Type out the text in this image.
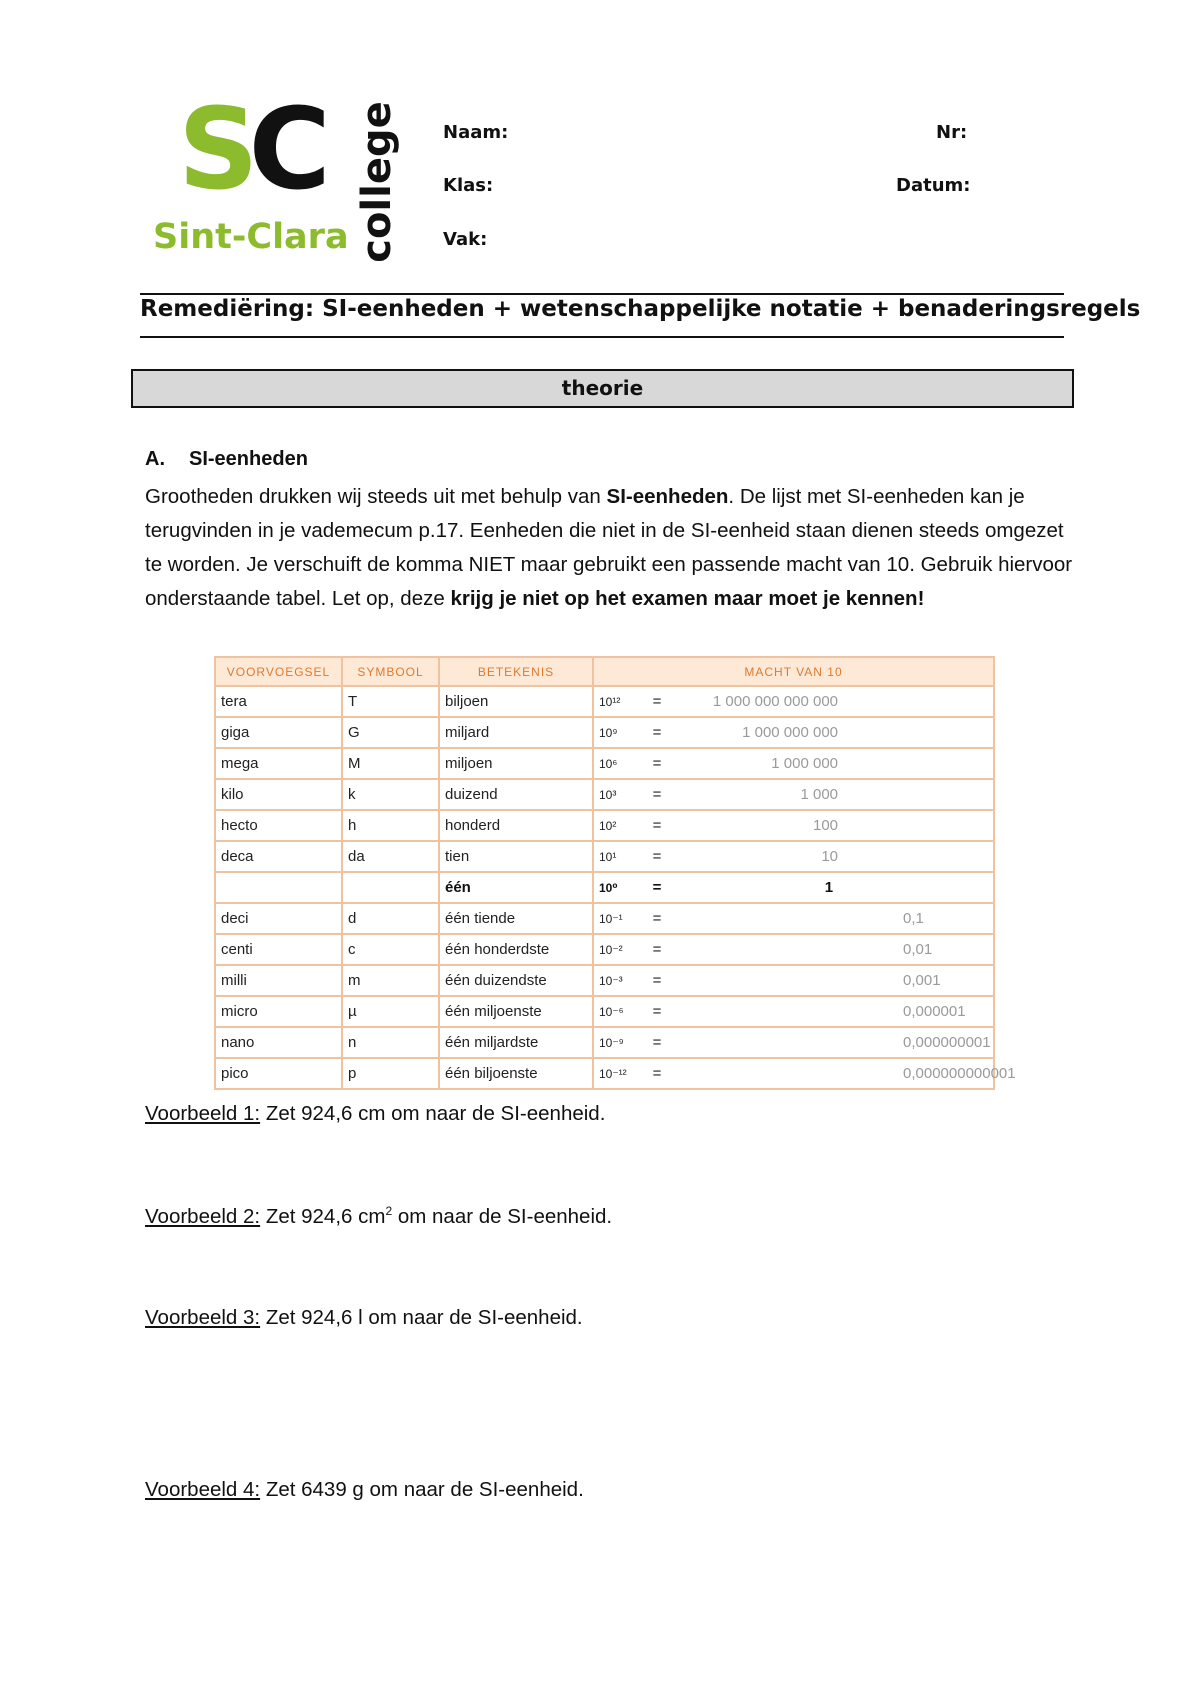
SC college
Sint-Clara
Naam:	Nr:
Klas:	Datum:
Vak:
Remediëring: SI-eenheden + wetenschappelijke notatie + benaderingsregels
theorie
A. SI-eenheden
Grootheden drukken wij steeds uit met behulp van SI-eenheden. De lijst met SI-eenheden kan je terugvinden in je vademecum p.17. Eenheden die niet in de SI-eenheid staan dienen steeds omgezet te worden. Je verschuift de komma NIET maar gebruikt een passende macht van 10. Gebruik hiervoor onderstaande tabel. Let op, deze krijg je niet op het examen maar moet je kennen!
VOORVOEGSEL	SYMBOOL	BETEKENIS	MACHT VAN 10		
tera	T	biljoen	10¹²	=	1 000 000 000 000
giga	G	miljard	10⁹	=	1 000 000 000
mega	M	miljoen	10⁶	=	1 000 000
kilo	k	duizend	10³	=	1 000
hecto	h	honderd	10²	=	100
deca	da	tien	10¹	=	10
		één	10⁰	=	1
deci	d	één tiende	10⁻¹	=	0,1
centi	c	één honderdste	10⁻²	=	0,01
milli	m	één duizendste	10⁻³	=	0,001
micro	µ	één miljoenste	10⁻⁶	=	0,000001
nano	n	één miljardste	10⁻⁹	=	0,000000001
pico	p	één biljoenste	10⁻¹²	=	0,000000000001
Voorbeeld 1: Zet 924,6 cm om naar de SI-eenheid.
Voorbeeld 2: Zet 924,6 $cm^2$ om naar de SI-eenheid.
Voorbeeld 3: Zet 924,6 l om naar de SI-eenheid.
Voorbeeld 4: Zet 6439 g om naar de SI-eenheid.
